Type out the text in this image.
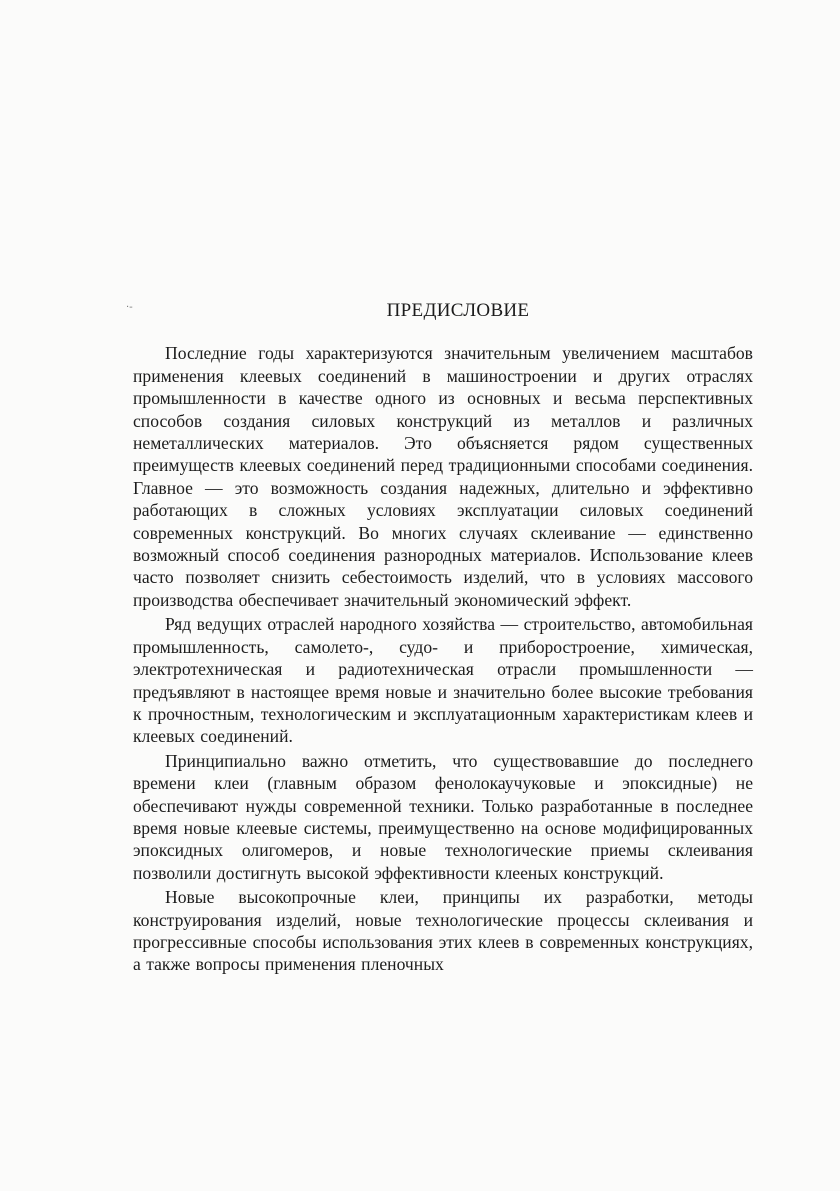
·‑	ПРЕДИСЛОВИЕ

Последние годы характеризуются значительным увеличением масштабов применения клеевых соединений в машиностроении и других отраслях промышленности в качестве одного из основных и весьма перспективных способов создания силовых конструкций из металлов и различных неметаллических материалов. Это объясняется рядом существенных преимуществ клеевых соединений перед традиционными способами соединения. Главное — это возможность создания надежных, длительно и эффективно работающих в сложных условиях эксплуатации силовых соединений современных конструкций. Во многих случаях склеивание — единственно возможный способ соединения разнородных материалов. Использование клеев часто позволяет снизить себестоимость изделий, что в условиях массового производства обеспечивает значительный экономический эффект.

Ряд ведущих отраслей народного хозяйства — строительство, автомобильная промышленность, самолето-, судо- и приборостроение, химическая, электротехническая и радиотехническая отрасли промышленности — предъявляют в настоящее время новые и значительно более высокие требования к прочностным, технологическим и эксплуатационным характеристикам клеев и клеевых соединений.

Принципиально важно отметить, что существовавшие до последнего времени клеи (главным образом фенолокаучуковые и эпоксидные) не обеспечивают нужды современной техники. Только разработанные в последнее время новые клеевые системы, преимущественно на основе модифицированных эпоксидных олигомеров, и новые технологические приемы склеивания позволили достигнуть высокой эффективности клееных конструкций.

Новые высокопрочные клеи, принципы их разработки, методы конструирования изделий, новые технологические процессы склеивания и прогрессивные способы использования этих клеев в современных конструкциях, а также вопросы применения пленочных
